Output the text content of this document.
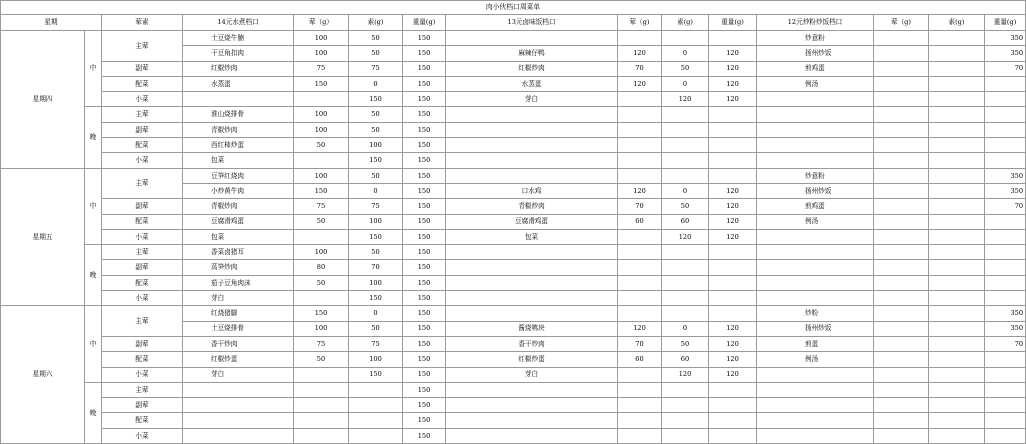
肉小伙档口周菜单														
星期		荤素	14元水煮档口	荤（g）	素(g)	重量(g)	13元卤味饭档口	荤（g)	素(g)	重量(g)	12元炒粉炒饭档口	荤（g)	素(g)	重量(g)
星期四	中	主荤	土豆烧牛腩	100	50	150					炒意粉			350
			干豆角扣肉	100	50	150	麻辣仔鸭	120	0	120	扬州炒饭			350
		副荤	红椒炒肉	75	75	150	红椒炒肉	70	50	120	煎鸡蛋			70
		配菜	水蒸蛋	150	0	150	水蒸蛋	120	0	120	例汤			
		小菜			150	150	芽白		120	120				
	晚	主荤	淮山烧排骨	100	50	150								
		副荤	青椒炒肉	100	50	150								
		配菜	西红柿炒蛋	50	100	150								
		小菜	包菜		150	150								
星期五	中	主荤	豆笋红烧肉	100	50	150					炒意粉			350
			小炒黄牛肉	150	0	150	口水鸡	120	0	120	扬州炒饭			350
		副荤	青椒炒肉	75	75	150	青椒炒肉	70	50	120	煎鸡蛋			70
		配菜	豆腐滑鸡蛋	50	100	150	豆腐滑鸡蛋	60	60	120	例汤			
		小菜	包菜		150	150	包菜		120	120				
	晚	主荤	香菜卤猪耳	100	50	150								
		副荤	莴笋炒肉	80	70	150								
		配菜	茄子豆角肉沫	50	100	150								
		小菜	芽白		150	150								
星期六	中	主荤	红烧猪脚	150	0	150					炒粉			350
			土豆烧排骨	100	50	150	酱烧鸭块	120	0	120	扬州炒饭			350
		副荤	香干炒肉	75	75	150	香干炒肉	70	50	120	煎蛋			70
		配菜	红椒炒蛋	50	100	150	红椒炒蛋	60	60	120	例汤			
		小菜	芽白		150	150	芽白		120	120				
	晚	主荤				150								
		副荤				150								
		配菜				150								
		小菜				150								
